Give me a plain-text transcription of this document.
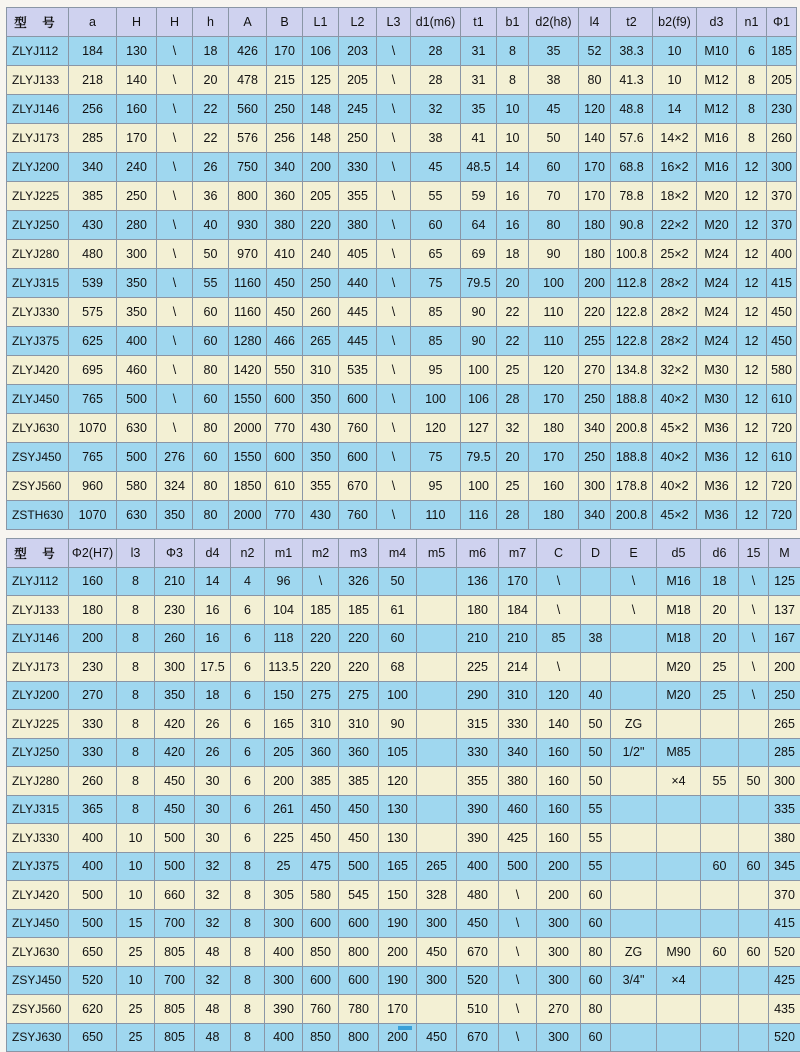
型 号	a	H	H	h	A	B	L1	L2	L3	d1(m6)	t1	b1	d2(h8)	l4	t2	b2(f9)	d3	n1	Φ1
ZLYJ112	184	130	\	18	426	170	106	203	\	28	31	8	35	52	38.3	10	M10	6	185
ZLYJ133	218	140	\	20	478	215	125	205	\	28	31	8	38	80	41.3	10	M12	8	205
ZLYJ146	256	160	\	22	560	250	148	245	\	32	35	10	45	120	48.8	14	M12	8	230
ZLYJ173	285	170	\	22	576	256	148	250	\	38	41	10	50	140	57.6	14×2	M16	8	260
ZLYJ200	340	240	\	26	750	340	200	330	\	45	48.5	14	60	170	68.8	16×2	M16	12	300
ZLYJ225	385	250	\	36	800	360	205	355	\	55	59	16	70	170	78.8	18×2	M20	12	370
ZLYJ250	430	280	\	40	930	380	220	380	\	60	64	16	80	180	90.8	22×2	M20	12	370
ZLYJ280	480	300	\	50	970	410	240	405	\	65	69	18	90	180	100.8	25×2	M24	12	400
ZLYJ315	539	350	\	55	1160	450	250	440	\	75	79.5	20	100	200	112.8	28×2	M24	12	415
ZLYJ330	575	350	\	60	1160	450	260	445	\	85	90	22	110	220	122.8	28×2	M24	12	450
ZLYJ375	625	400	\	60	1280	466	265	445	\	85	90	22	110	255	122.8	28×2	M24	12	450
ZLYJ420	695	460	\	80	1420	550	310	535	\	95	100	25	120	270	134.8	32×2	M30	12	580
ZLYJ450	765	500	\	60	1550	600	350	600	\	100	106	28	170	250	188.8	40×2	M30	12	610
ZLYJ630	1070	630	\	80	2000	770	430	760	\	120	127	32	180	340	200.8	45×2	M36	12	720
ZSYJ450	765	500	276	60	1550	600	350	600	\	75	79.5	20	170	250	188.8	40×2	M36	12	610
ZSYJ560	960	580	324	80	1850	610	355	670	\	95	100	25	160	300	178.8	40×2	M36	12	720
ZSTH630	1070	630	350	80	2000	770	430	760	\	110	116	28	180	340	200.8	45×2	M36	12	720
型 号	Φ2(H7)	l3	Φ3	d4	n2	m1	m2	m3	m4	m5	m6	m7	C	D	E	d5	d6	15	M
ZLYJ112	160	8	210	14	4	96	\	326	50		136	170	\		\	M16	18	\	125
ZLYJ133	180	8	230	16	6	104	185	185	61		180	184	\		\	M18	20	\	137
ZLYJ146	200	8	260	16	6	118	220	220	60		210	210	85	38		M18	20	\	167
ZLYJ173	230	8	300	17.5	6	113.5	220	220	68		225	214	\			M20	25	\	200
ZLYJ200	270	8	350	18	6	150	275	275	100		290	310	120	40		M20	25	\	250
ZLYJ225	330	8	420	26	6	165	310	310	90		315	330	140	50	ZG				265
ZLYJ250	330	8	420	26	6	205	360	360	105		330	340	160	50	1/2"	M85			285
ZLYJ280	260	8	450	30	6	200	385	385	120		355	380	160	50		×4	55	50	300
ZLYJ315	365	8	450	30	6	261	450	450	130		390	460	160	55					335
ZLYJ330	400	10	500	30	6	225	450	450	130		390	425	160	55					380
ZLYJ375	400	10	500	32	8	25	475	500	165	265	400	500	200	55			60	60	345
ZLYJ420	500	10	660	32	8	305	580	545	150	328	480	\	200	60					370
ZLYJ450	500	15	700	32	8	300	600	600	190	300	450	\	300	60					415
ZLYJ630	650	25	805	48	8	400	850	800	200	450	670	\	300	80	ZG	M90	60	60	520
ZSYJ450	520	10	700	32	8	300	600	600	190	300	520	\	300	60	3/4"	×4			425
ZSYJ560	620	25	805	48	8	390	760	780	170		510	\	270	80					435
ZSYJ630	650	25	805	48	8	400	850	800	200	450	670	\	300	60					520
